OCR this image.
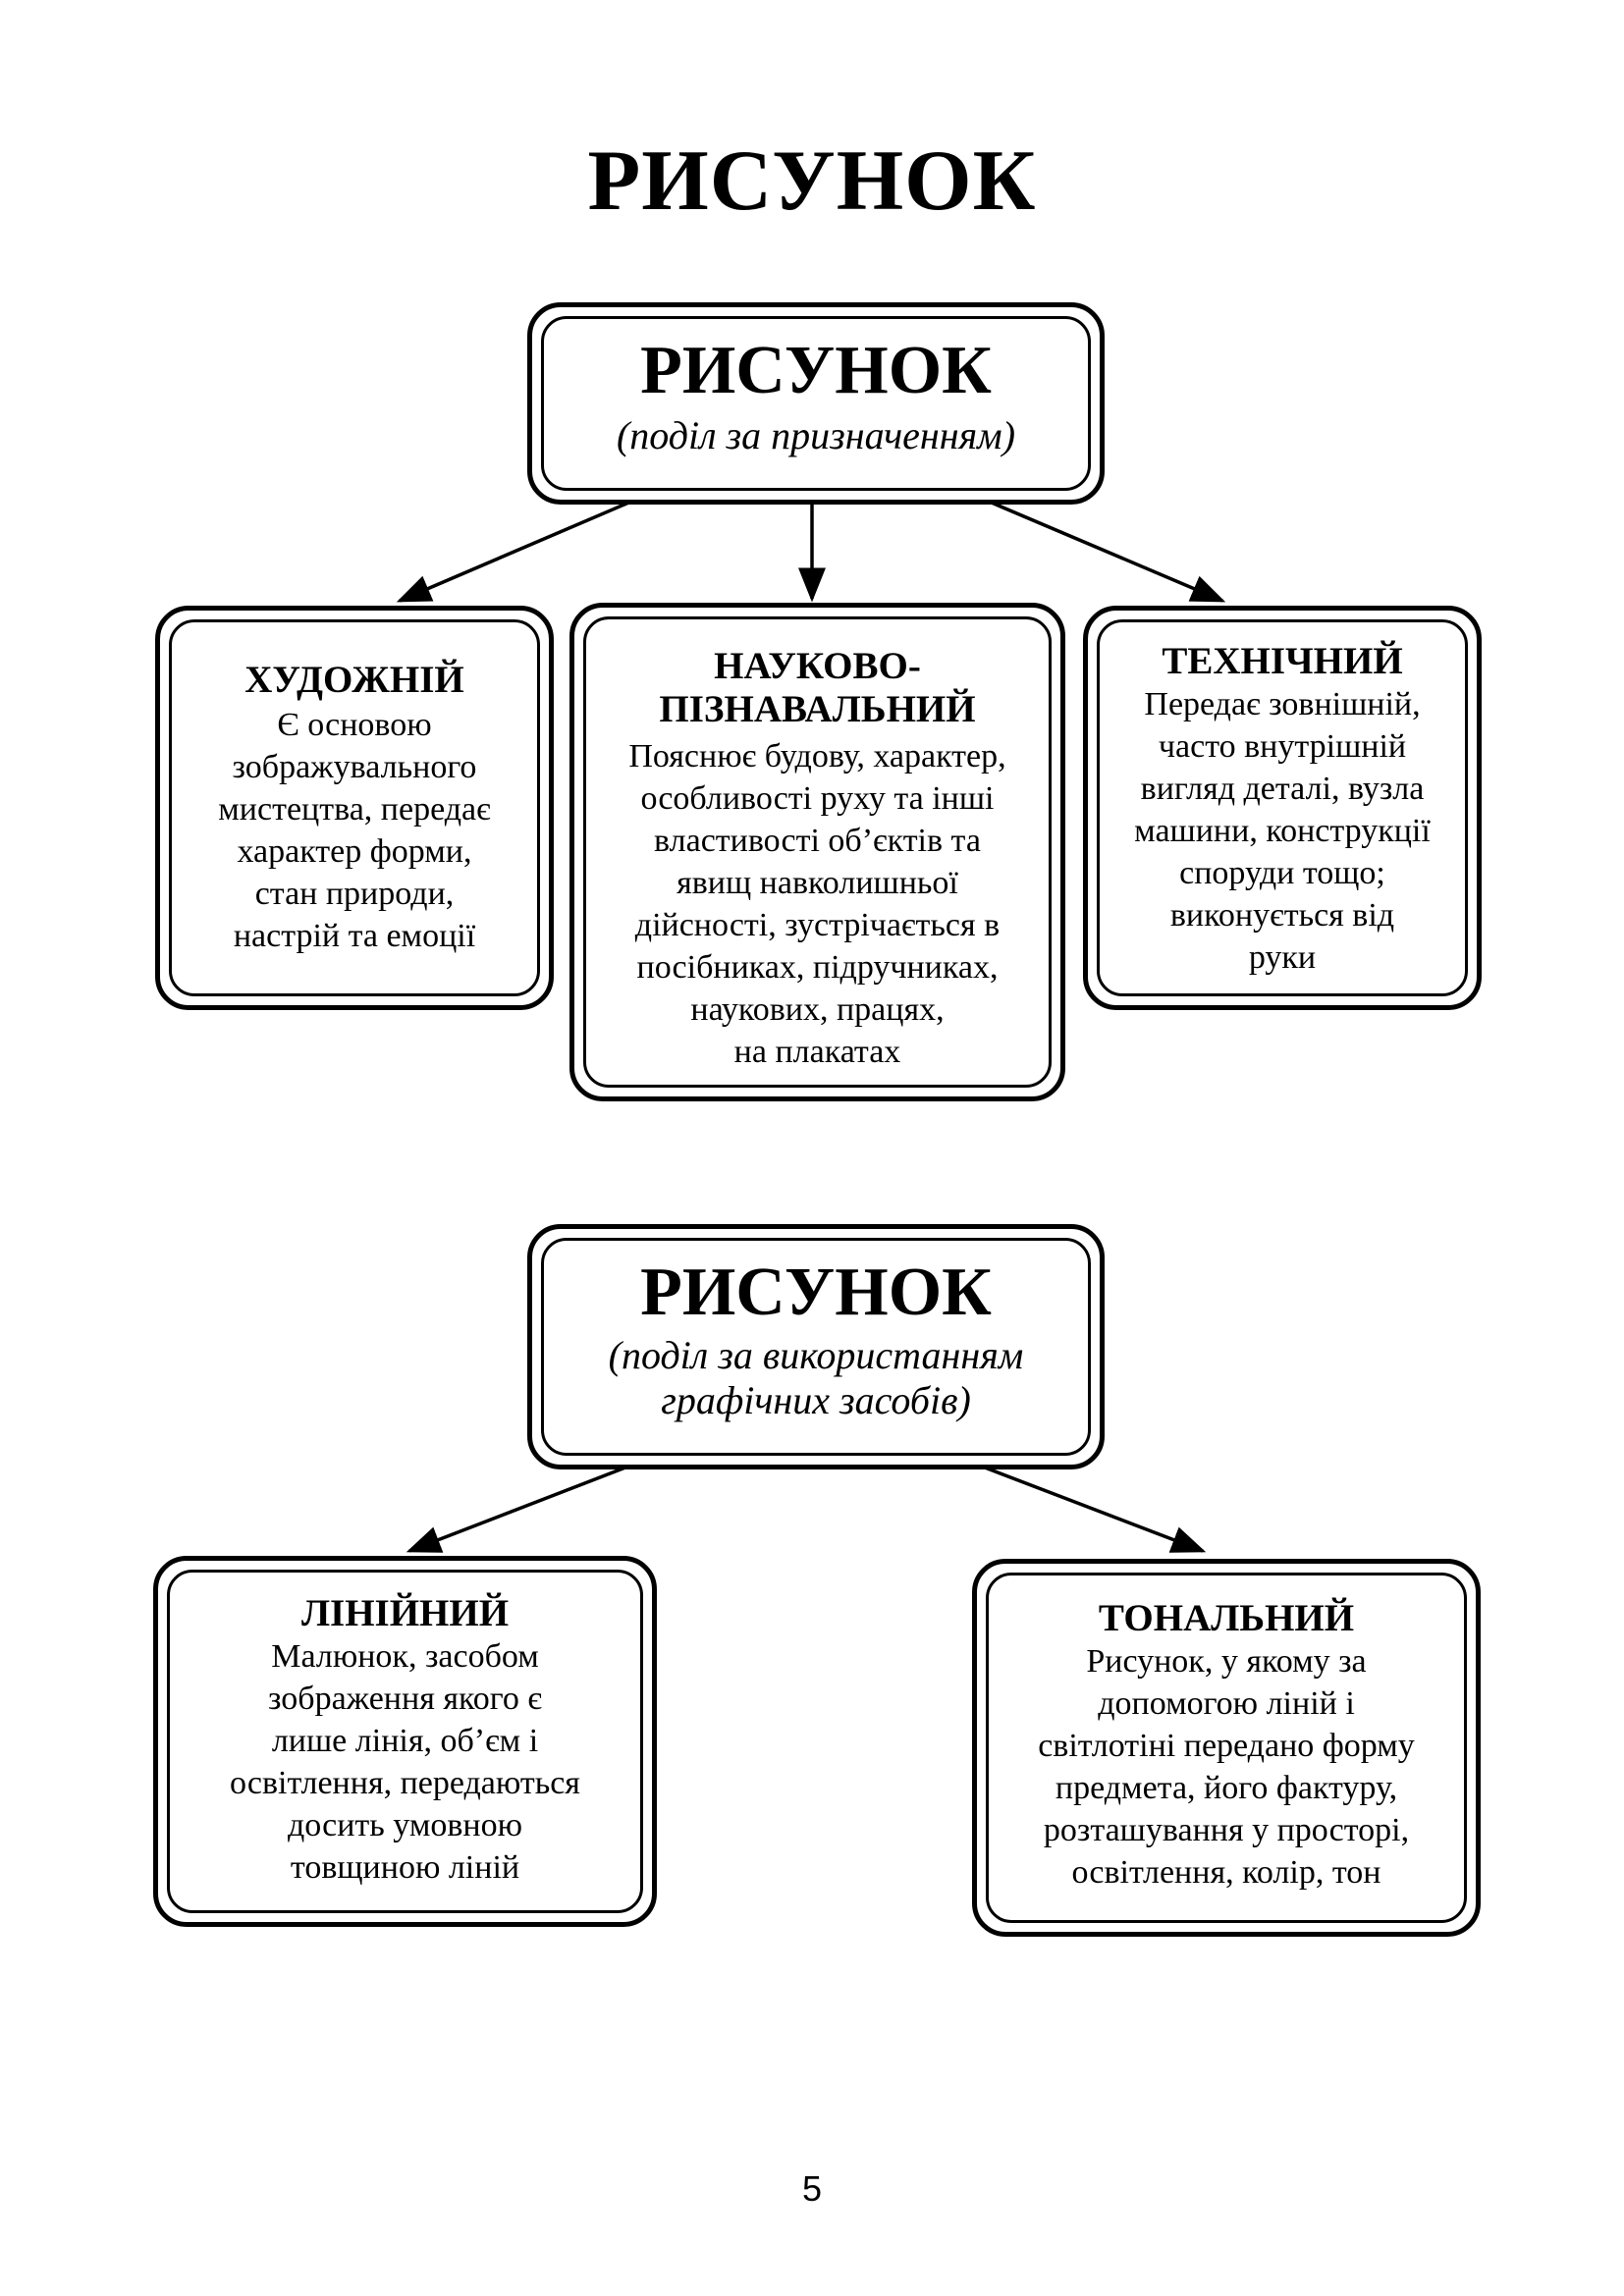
РИСУНОК
РИСУНОК
(поділ за призначенням)
ХУДОЖНІЙ
Є основою
зображувального
мистецтва, передає
характер форми,
стан природи,
настрій та емоції
НАУКОВО-
ПІЗНАВАЛЬНИЙ
Пояснює будову, характер,
особливості руху та інші
властивості об’єктів та
явищ навколишньої
дійсності, зустрічається в
посібниках, підручниках,
наукових, працях,
на плакатах
ТЕХНІЧНИЙ
Передає зовнішній,
часто внутрішній
вигляд деталі, вузла
машини, конструкції
споруди тощо;
виконується від
руки
РИСУНОК
(поділ за використанням
графічних засобів)
ЛІНІЙНИЙ
Малюнок, засобом
зображення якого є
лише лінія, об’єм і
освітлення, передаються
досить умовною
товщиною ліній
ТОНАЛЬНИЙ
Рисунок, у якому за
допомогою ліній і
світлотіні передано форму
предмета, його фактуру,
розташування у просторі,
освітлення, колір, тон
5
